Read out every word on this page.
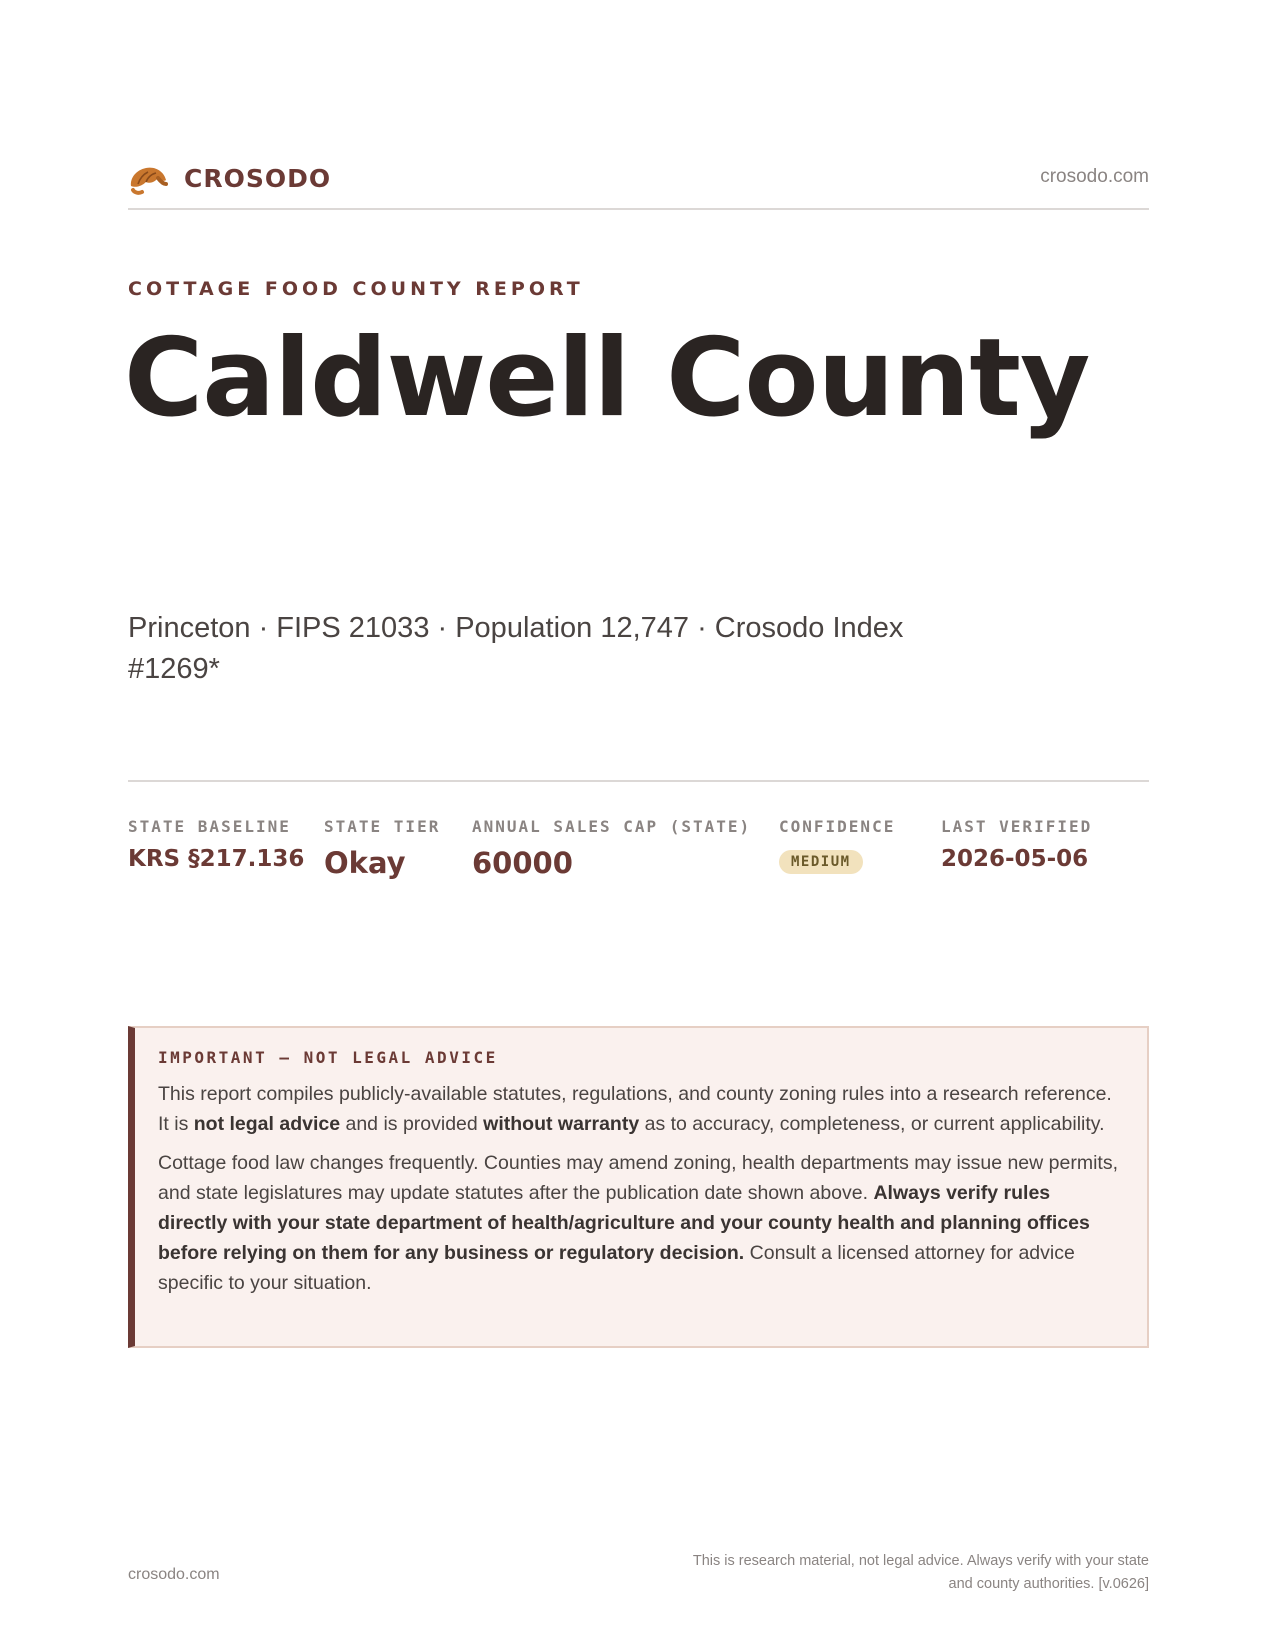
CROSODO	crosodo.com
COTTAGE FOOD COUNTY REPORT
Caldwell County
Princeton · FIPS 21033 · Population 12,747 · Crosodo Index #1269*
STATE BASELINE
KRS §217.136
STATE TIER
Okay
ANNUAL SALES CAP (STATE)
60000
CONFIDENCE
MEDIUM
LAST VERIFIED
2026-05-06
IMPORTANT — NOT LEGAL ADVICE

This report compiles publicly-available statutes, regulations, and county zoning rules into a research reference. It is not legal advice and is provided without warranty as to accuracy, completeness, or current applicability.

Cottage food law changes frequently. Counties may amend zoning, health departments may issue new permits, and state legislatures may update statutes after the publication date shown above. Always verify rules directly with your state department of health/agriculture and your county health and planning offices before relying on them for any business or regulatory decision. Consult a licensed attorney for advice specific to your situation.

crosodo.com
This is research material, not legal advice. Always verify with your state
and county authorities. [v.0626]
